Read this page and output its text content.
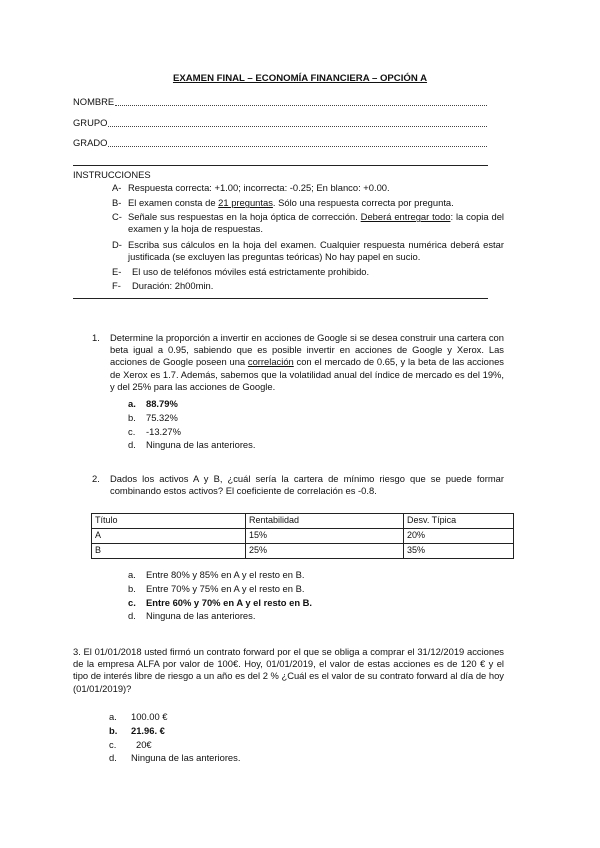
EXAMEN FINAL – ECONOMÍA FINANCIERA – OPCIÓN A
NOMBRE
GRUPO
GRADO
INSTRUCCIONES
A- Respuesta correcta: +1.00; incorrecta: -0.25; En blanco: +0.00.
B- El examen consta de 21 preguntas. Sólo una respuesta correcta por pregunta.
C- Señale sus respuestas en la hoja óptica de corrección. Deberá entregar todo: la copia del examen y la hoja de respuestas.
D- Escriba sus cálculos en la hoja del examen. Cualquier respuesta numérica deberá estar justificada (se excluyen las preguntas teóricas) No hay papel en sucio.
E-	El uso de teléfonos móviles está estrictamente prohibido.
F-	Duración: 2h00min.
1.	Determine la proporción a invertir en acciones de Google si se desea construir una cartera con beta igual a 0.95, sabiendo que es posible invertir en acciones de Google y Xerox. Las acciones de Google poseen una correlación con el mercado de 0.65, y la beta de las acciones de Xerox es 1.7. Además, sabemos que la volatilidad anual del índice de mercado es del 19%, y del 25% para las acciones de Google.
a.	88.79%
b.	75.32%
c.	-13.27%
d.	Ninguna de las anteriores.
2.	Dados los activos A y B, ¿cuál sería la cartera de mínimo riesgo que se puede formar combinando estos activos? El coeficiente de correlación es -0.8.
Título	Rentabilidad	Desv. Típica
A	15%	20%
B	25%	35%
a.	Entre 80% y 85% en A y el resto en B.
b.	Entre 70% y 75% en A y el resto en B.
c.	Entre 60% y 70% en A y el resto en B.
d.	Ninguna de las anteriores.
3. El 01/01/2018 usted firmó un contrato forward por el que se obliga a comprar el 31/12/2019 acciones de la empresa ALFA por valor de 100€. Hoy, 01/01/2019, el valor de estas acciones es de 120 € y el tipo de interés libre de riesgo a un año es del 2 % ¿Cuál es el valor de su contrato forward al día de hoy (01/01/2019)?
a.	100.00 €
b.	21.96. €
c.	20€
d.	Ninguna de las anteriores.
